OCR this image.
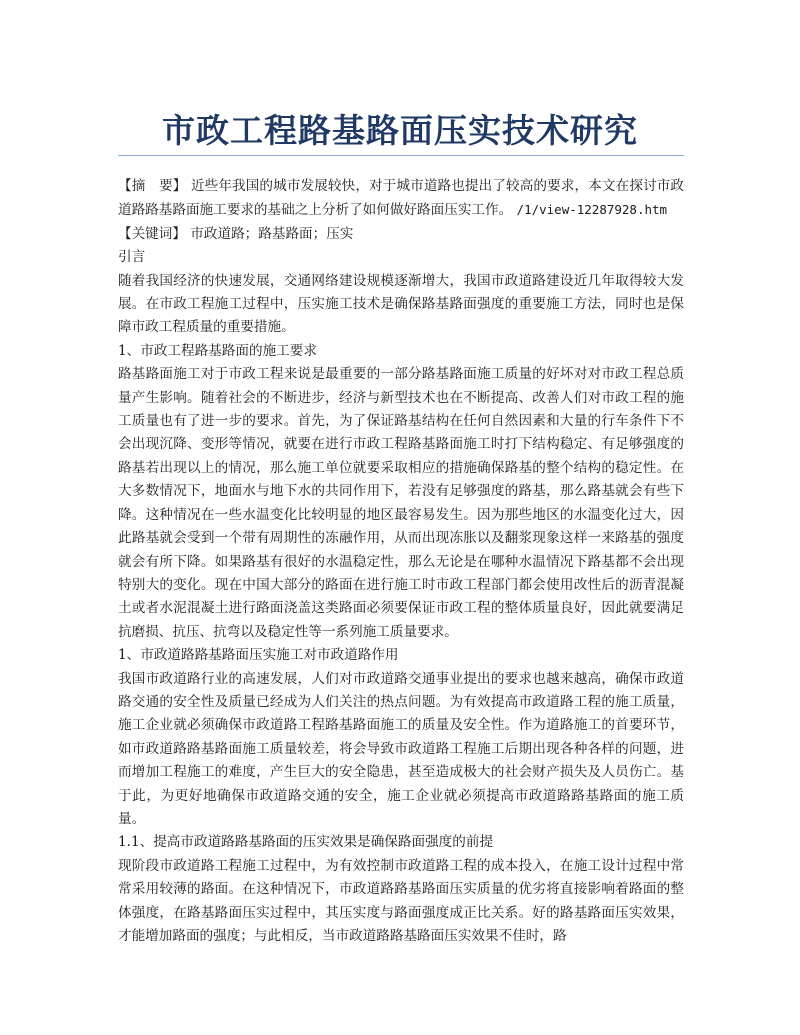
市政工程路基路面压实技术研究

【摘　要】 近些年我国的城市发展较快，对于城市道路也提出了较高的要求，本文在探讨市政道路路基路面施工要求的基础之上分析了如何做好路面压实工作。 /1/view-12287928.htm

【关键词】 市政道路；路基路面；压实

引言

随着我国经济的快速发展，交通网络建设规模逐渐增大，我国市政道路建设近几年取得较大发展。在市政工程施工过程中，压实施工技术是确保路基路面强度的重要施工方法，同时也是保障市政工程质量的重要措施。

1、市政工程路基路面的施工要求

路基路面施工对于市政工程来说是最重要的一部分路基路面施工质量的好坏对对市政工程总质量产生影响。随着社会的不断进步，经济与新型技术也在不断提高、改善人们对市政工程的施工质量也有了进一步的要求。首先，为了保证路基结构在任何自然因素和大量的行车条件下不会出现沉降、变形等情况，就要在进行市政工程路基路面施工时打下结构稳定、有足够强度的路基若出现以上的情况，那么施工单位就要采取相应的措施确保路基的整个结构的稳定性。在大多数情况下，地面水与地下水的共同作用下，若没有足够强度的路基，那么路基就会有些下降。这种情况在一些水温变化比较明显的地区最容易发生。因为那些地区的水温变化过大，因此路基就会受到一个带有周期性的冻融作用，从而出现冻胀以及翻浆现象这样一来路基的强度就会有所下降。如果路基有很好的水温稳定性，那么无论是在哪种水温情况下路基都不会出现特别大的变化。现在中国大部分的路面在进行施工时市政工程部门都会使用改性后的沥青混凝土或者水泥混凝土进行路面浇盖这类路面必须要保证市政工程的整体质量良好，因此就要满足抗磨损、抗压、抗弯以及稳定性等一系列施工质量要求。

1、市政道路路基路面压实施工对市政道路作用

我国市政道路行业的高速发展，人们对市政道路交通事业提出的要求也越来越高，确保市政道路交通的安全性及质量已经成为人们关注的热点问题。为有效提高市政道路工程的施工质量，施工企业就必须确保市政道路工程路基路面施工的质量及安全性。作为道路施工的首要环节，如市政道路路基路面施工质量较差，将会导致市政道路工程施工后期出现各种各样的问题，进而增加工程施工的难度，产生巨大的安全隐患，甚至造成极大的社会财产损失及人员伤亡。基于此，为更好地确保市政道路交通的安全，施工企业就必须提高市政道路路基路面的施工质量。

1.1、提高市政道路路基路面的压实效果是确保路面强度的前提

现阶段市政道路工程施工过程中，为有效控制市政道路工程的成本投入，在施工设计过程中常常采用较薄的路面。在这种情况下，市政道路路基路面压实质量的优劣将直接影响着路面的整体强度，在路基路面压实过程中，其压实度与路面强度成正比关系。好的路基路面压实效果，才能增加路面的强度；与此相反，当市政道路路基路面压实效果不佳时，路
